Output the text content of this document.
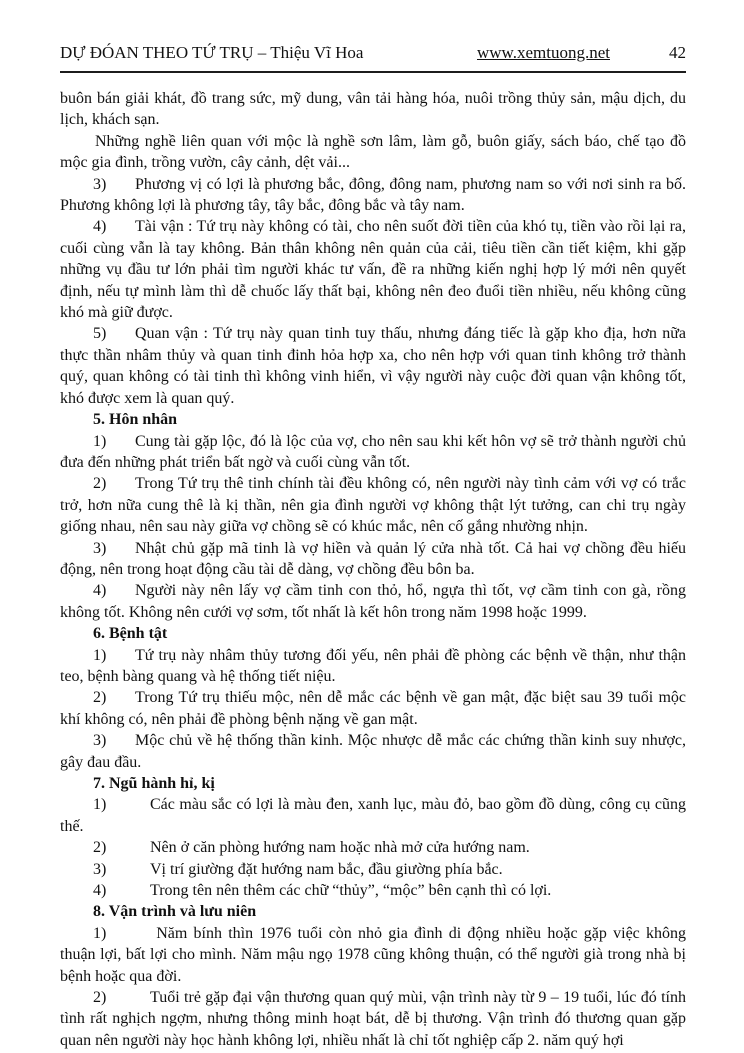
DỰ ĐÓAN THEO TỨ TRỤ – Thiệu Vĩ Hoa	www.xemtuong.net	42

buôn bán giải khát, đồ trang sức, mỹ dung, vân tải hàng hóa, nuôi trồng thủy sản, mậu dịch, du lịch, khách sạn.

Những nghề liên quan với mộc là nghề sơn lâm, làm gỗ, buôn giấy, sách báo, chế tạo đồ mộc gia đình, trồng vườn, cây cảnh, dệt vải...

3) Phương vị có lợi là phương bắc, đông, đông nam, phương nam so với nơi sinh ra bố. Phương không lợi là phương tây, tây bắc, đông bắc và tây nam.

4) Tài vận : Tứ trụ này không có tài, cho nên suốt đời tiền của khó tụ, tiền vào rồi lại ra, cuối cùng vẫn là tay không. Bản thân không nên quản của cải, tiêu tiền cần tiết kiệm, khi gặp những vụ đầu tư lớn phải tìm người khác tư vấn, đề ra những kiến nghị hợp lý mới nên quyết định, nếu tự mình làm thì dễ chuốc lấy thất bại, không nên đeo đuổi tiền nhiều, nếu không cũng khó mà giữ được.

5) Quan vận : Tứ trụ này quan tinh tuy thấu, nhưng đáng tiếc là gặp kho địa, hơn nữa thực thần nhâm thủy và quan tinh đinh hỏa hợp xa, cho nên hợp với quan tinh không trở thành quý, quan không có tài tinh thì không vinh hiển, vì vậy người này cuộc đời quan vận không tốt, khó được xem là quan quý.

5. Hôn nhân

1) Cung tài gặp lộc, đó là lộc của vợ, cho nên sau khi kết hôn vợ sẽ trở thành người chủ đưa đến những phát triển bất ngờ và cuối cùng vẫn tốt.

2) Trong Tứ trụ thê tinh chính tài đều không có, nên người này tình cảm với vợ có trắc trở, hơn nữa cung thê là kị thần, nên gia đình người vợ không thật lýt tưởng, can chi trụ ngày giống nhau, nên sau này giữa vợ chồng sẽ có khúc mắc, nên cố gắng nhường nhịn.

3) Nhật chủ gặp mã tinh là vợ hiền và quản lý cửa nhà tốt. Cả hai vợ chồng đều hiếu động, nên trong hoạt động cầu tài dễ dàng, vợ chồng đều bôn ba.

4) Người này nên lấy vợ cầm tinh con thỏ, hổ, ngựa thì tốt, vợ cầm tinh con gà, rồng không tốt. Không nên cưới vợ sơm, tốt nhất là kết hôn trong năm 1998 hoặc 1999.

6. Bệnh tật

1) Tứ trụ này nhâm thủy tương đối yếu, nên phải đề phòng các bệnh về thận, như thận teo, bệnh bàng quang và hệ thống tiết niệu.

2) Trong Tứ trụ thiếu mộc, nên dễ mắc các bệnh về gan mật, đặc biệt sau 39 tuổi mộc khí không có, nên phải đề phòng bệnh nặng về gan mật.

3) Mộc chủ về hệ thống thần kinh. Mộc nhược dễ mắc các chứng thần kinh suy nhược, gây đau đầu.

7. Ngũ hành hỉ, kị

1)	Các màu sắc có lợi là màu đen, xanh lục, màu đỏ, bao gồm đồ dùng, công cụ cũng thế.

2)	Nên ở căn phòng hướng nam hoặc nhà mở cửa hướng nam.

3)	Vị trí giường đặt hướng nam bắc, đầu giường phía bắc.

4)	Trong tên nên thêm các chữ “thủy”, “mộc” bên cạnh thì có lợi.

8. Vận trình và lưu niên

1)	Năm bính thìn 1976 tuổi còn nhỏ gia đình di động nhiều hoặc gặp việc không thuận lợi, bất lợi cho mình. Năm mậu ngọ 1978 cũng không thuận, có thể người già trong nhà bị bệnh hoặc qua đời.

2)	Tuổi trẻ gặp đại vận thương quan quý mùi, vận trình này từ 9 – 19 tuổi, lúc đó tính tình rất nghịch ngợm, nhưng thông minh hoạt bát, dễ bị thương. Vận trình đó thương quan gặp quan nên người này học hành không lợi, nhiều nhất là chỉ tốt nghiệp cấp 2. năm quý hợi
